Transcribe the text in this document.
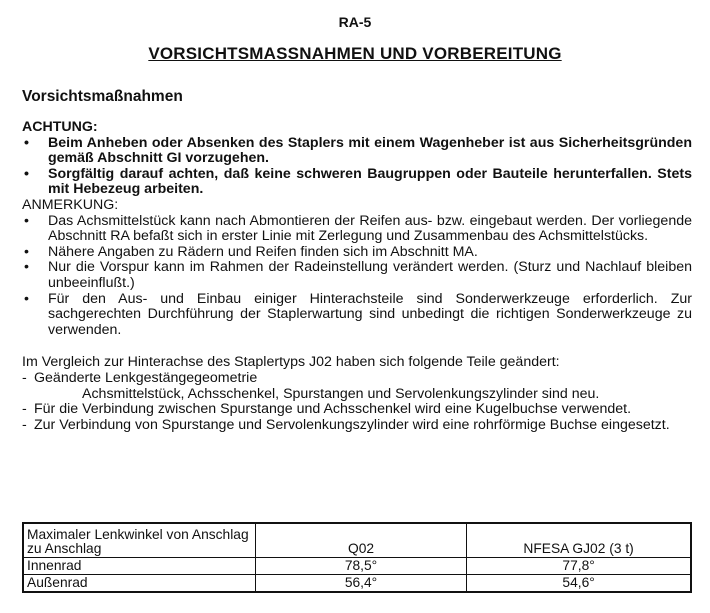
RA-5
VORSICHTSMASSNAHMEN UND VORBEREITUNG
Vorsichtsmaßnahmen
ACHTUNG:
• Beim Anheben oder Absenken des Staplers mit einem Wagenheber ist aus Sicherheitsgründen gemäß Abschnitt GI vorzugehen.
• Sorgfältig darauf achten, daß keine schweren Baugruppen oder Bauteile herunterfallen. Stets mit Hebezeug arbeiten.
ANMERKUNG:
• Das Achsmittelstück kann nach Abmontieren der Reifen aus- bzw. eingebaut werden. Der vorliegende Abschnitt RA befaßt sich in erster Linie mit Zerlegung und Zusammenbau des Achsmittelstücks.
• Nähere Angaben zu Rädern und Reifen finden sich im Abschnitt MA.
• Nur die Vorspur kann im Rahmen der Radeinstellung verändert werden. (Sturz und Nachlauf bleiben unbeeinflußt.)
• Für den Aus- und Einbau einiger Hinterachsteile sind Sonderwerkzeuge erforderlich. Zur sachgerechten Durchführung der Staplerwartung sind unbedingt die richtigen Sonderwerkzeuge zu verwenden.
Im Vergleich zur Hinterachse des Staplertyps J02 haben sich folgende Teile geändert:
- Geänderte Lenkgestängegeometrie
Achsmittelstück, Achsschenkel, Spurstangen und Servolenkungszylinder sind neu.
- Für die Verbindung zwischen Spurstange und Achsschenkel wird eine Kugelbuchse verwendet.
- Zur Verbindung von Spurstange und Servolenkungszylinder wird eine rohrförmige Buchse eingesetzt.
Maximaler Lenkwinkel von Anschlag zu Anschlag	Q02	NFESA GJ02 (3 t)
Innenrad	78,5°	77,8°
Außenrad	56,4°	54,6°
